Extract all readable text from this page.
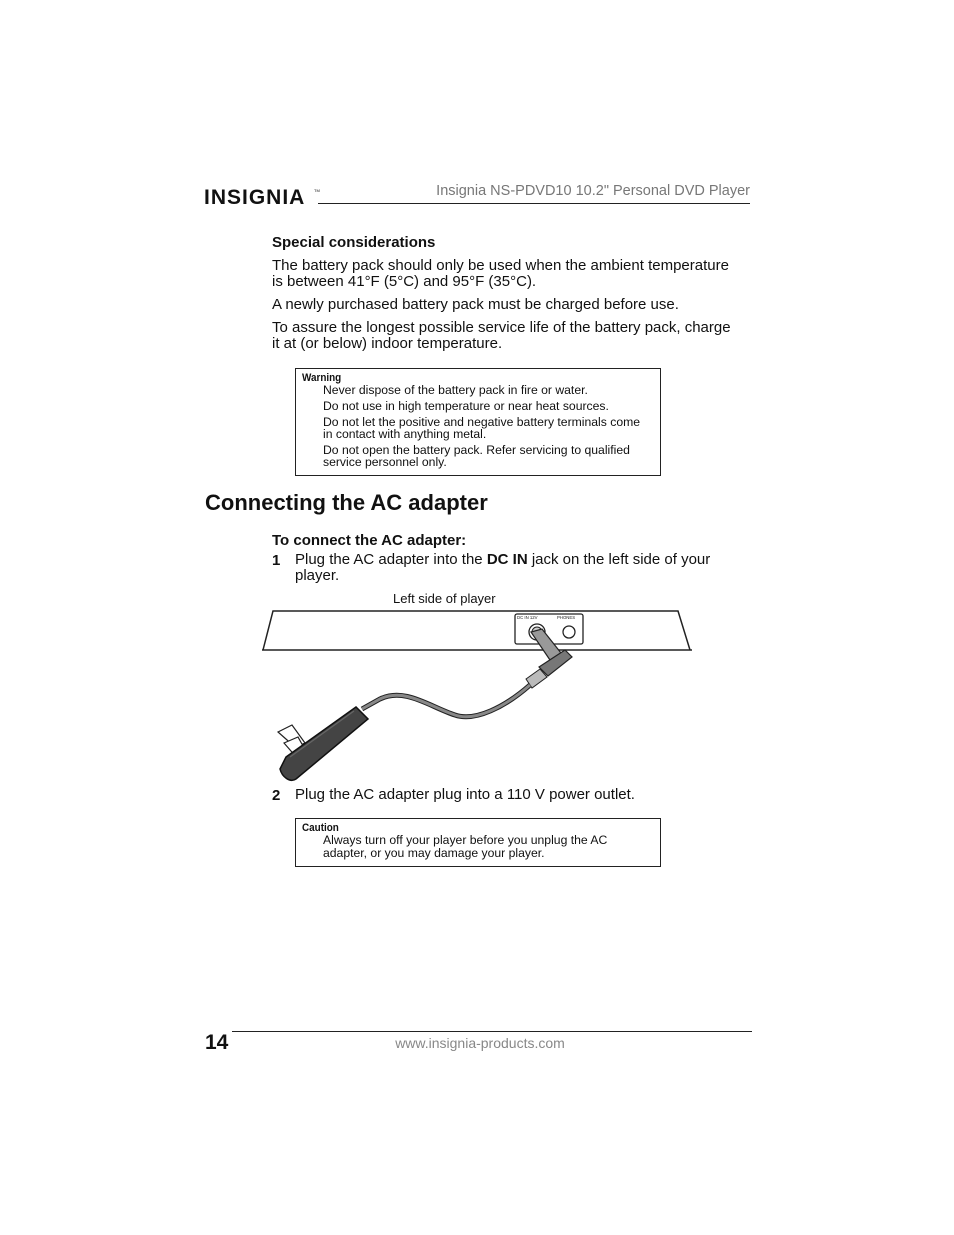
INSIGNIA TM	Insignia NS-PDVD10 10.2" Personal DVD Player
Special considerations
The battery pack should only be used when the ambient temperature
is between 41°F (5°C) and 95°F (35°C).
A newly purchased battery pack must be charged before use.
To assure the longest possible service life of the battery pack, charge
it at (or below) indoor temperature.
Warning
Never dispose of the battery pack in fire or water.
Do not use in high temperature or near heat sources.
Do not let the positive and negative battery terminals come
in contact with anything metal.
Do not open the battery pack. Refer servicing to qualified
service personnel only.
Connecting the AC adapter
To connect the AC adapter:
1 Plug the AC adapter into the DC IN jack on the left side of your
player.
Left side of player
DC IN 12V	PHONES
2 Plug the AC adapter plug into a 110 V power outlet.
Caution
Always turn off your player before you unplug the AC
adapter, or you may damage your player.
14	www.insignia-products.com
